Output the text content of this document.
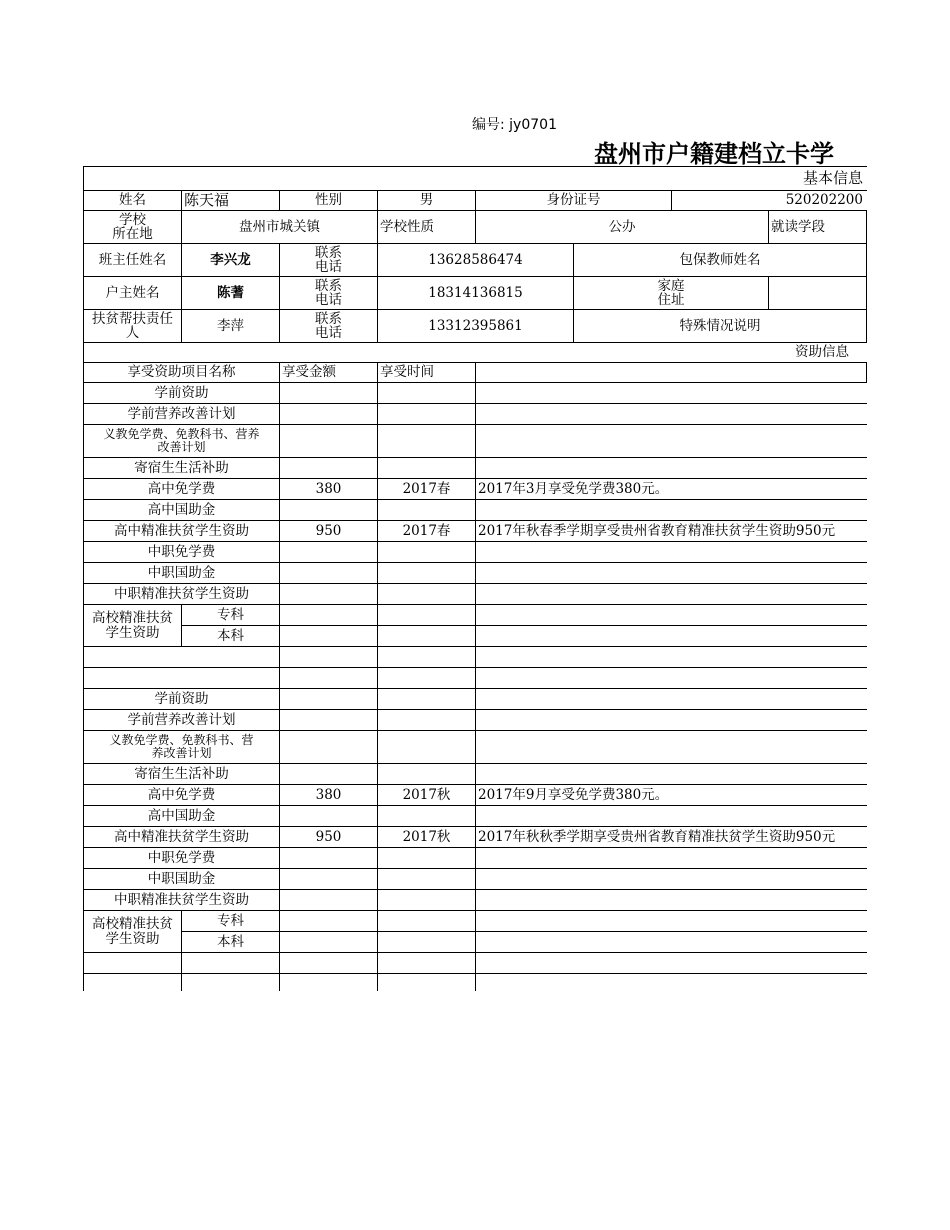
编号: jy0701
盘州市户籍建档立卡学
基本信息
姓名	陈天福	性别	男	身份证号	520202200
学校
所在地	盘州市城关镇	学校性质	公办	就读学段
班主任姓名	李兴龙	联系
电话	13628586474	包保教师姓名
户主姓名	陈蓍	联系
电话	18314136815	家庭
住址
扶贫帮扶责任
人	李萍	联系
电话	13312395861	特殊情况说明
资助信息
享受资助项目名称	享受金额	享受时间
学前资助
学前营养改善计划
义教免学费、免教科书、营养
改善计划
寄宿生生活补助
高中免学费	380	2017春	2017年3月享受免学费380元。
高中国助金
高中精准扶贫学生资助	950	2017春	2017年秋春季学期享受贵州省教育精准扶贫学生资助950元
中职免学费
中职国助金
中职精准扶贫学生资助
高校精准扶贫
学生资助
专科
本科
学前资助
学前营养改善计划
义教免学费、免教科书、营
养改善计划
寄宿生生活补助
高中免学费	380	2017秋	2017年9月享受免学费380元。
高中国助金
高中精准扶贫学生资助	950	2017秋	2017年秋秋季学期享受贵州省教育精准扶贫学生资助950元
中职免学费
中职国助金
中职精准扶贫学生资助
高校精准扶贫
学生资助
专科
本科
